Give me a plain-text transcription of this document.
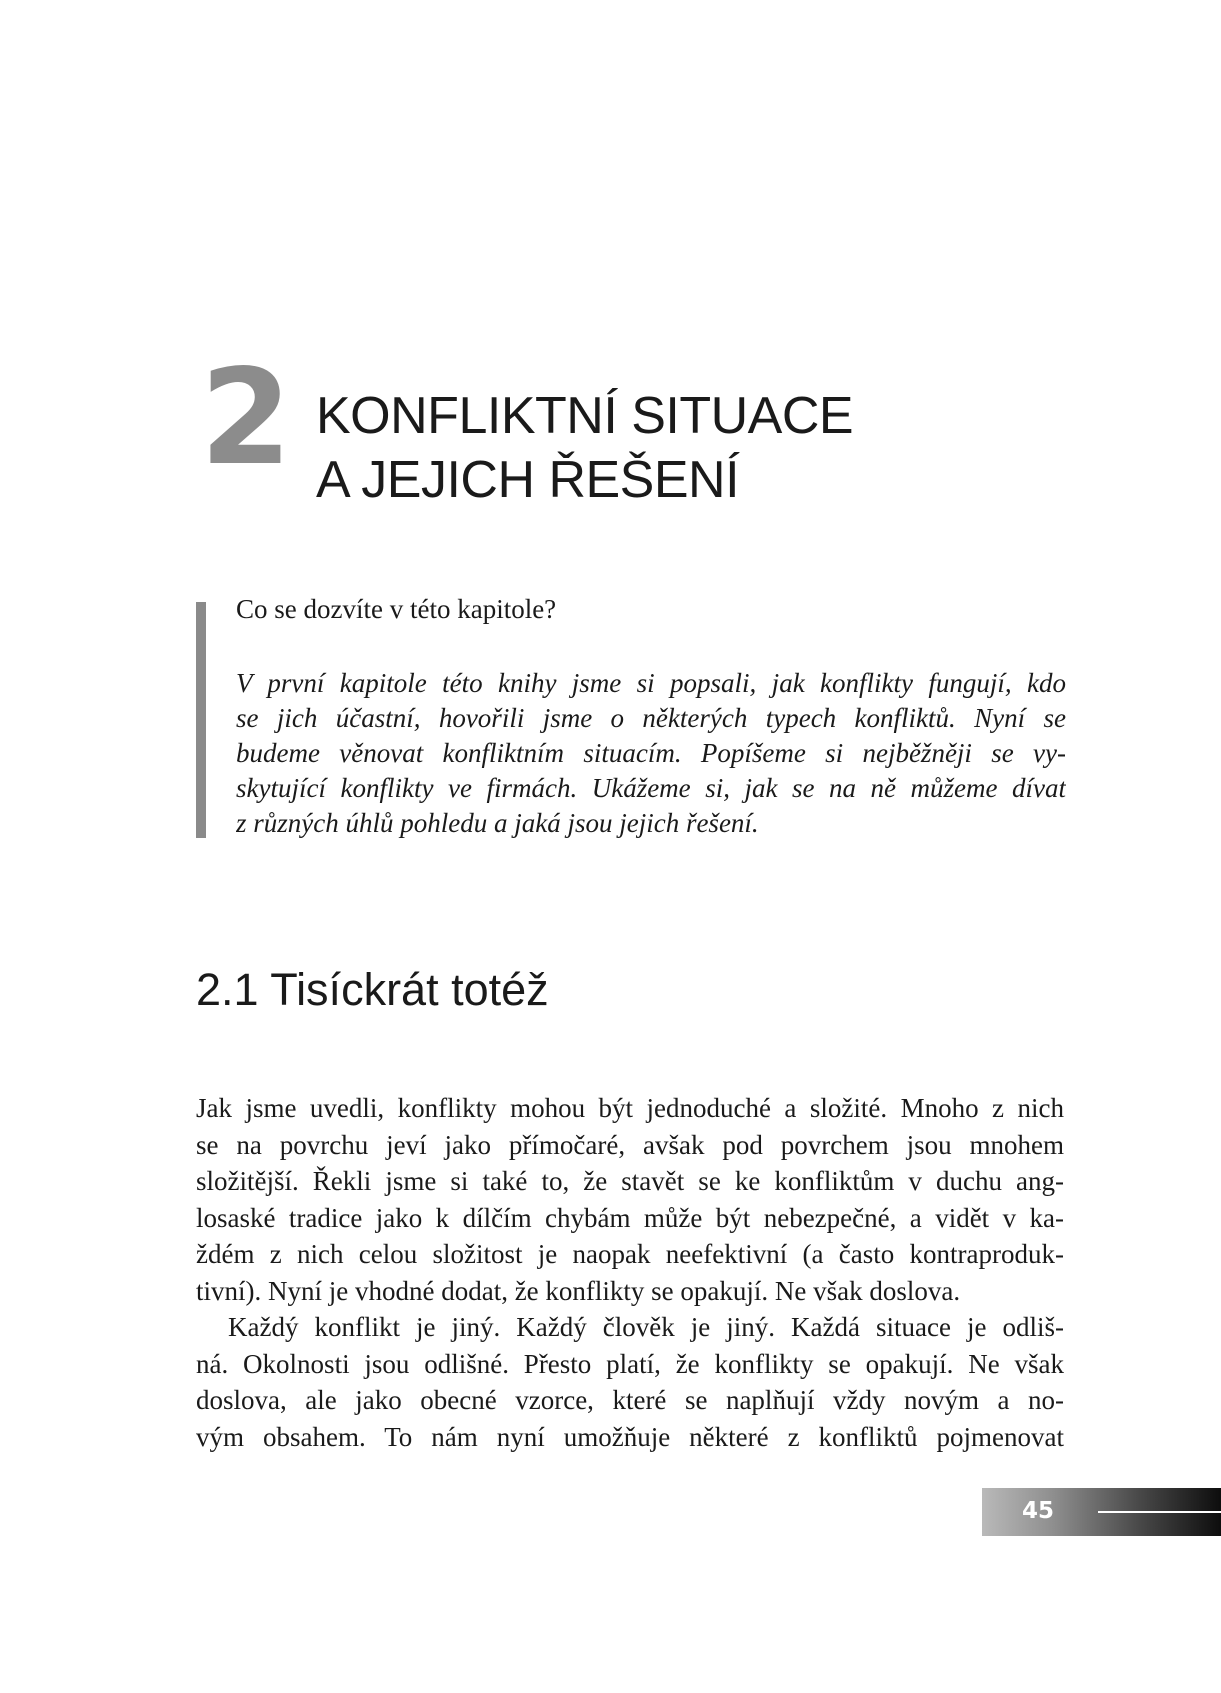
2 KONFLIKTNÍ SITUACE
A JEJICH ŘEŠENÍ
Co se dozvíte v této kapitole?
V první kapitole této knihy jsme si popsali, jak konflikty fungují, kdo
se jich účastní, hovořili jsme o některých typech konfliktů. Nyní se
budeme věnovat konfliktním situacím. Popíšeme si nejběžněji se vy-
skytující konflikty ve firmách. Ukážeme si, jak se na ně můžeme dívat
z různých úhlů pohledu a jaká jsou jejich řešení.
2.1 Tisíckrát totéž
Jak jsme uvedli, konflikty mohou být jednoduché a složité. Mnoho z nich
se na povrchu jeví jako přímočaré, avšak pod povrchem jsou mnohem
složitější. Řekli jsme si také to, že stavět se ke konfliktům v duchu ang-
losaské tradice jako k dílčím chybám může být nebezpečné, a vidět v ka-
ždém z nich celou složitost je naopak neefektivní (a často kontraproduk-
tivní). Nyní je vhodné dodat, že konflikty se opakují. Ne však doslova.
Každý konflikt je jiný. Každý člověk je jiný. Každá situace je odliš-
ná. Okolnosti jsou odlišné. Přesto platí, že konflikty se opakují. Ne však
doslova, ale jako obecné vzorce, které se naplňují vždy novým a no-
vým obsahem. To nám nyní umožňuje některé z konfliktů pojmenovat
45
